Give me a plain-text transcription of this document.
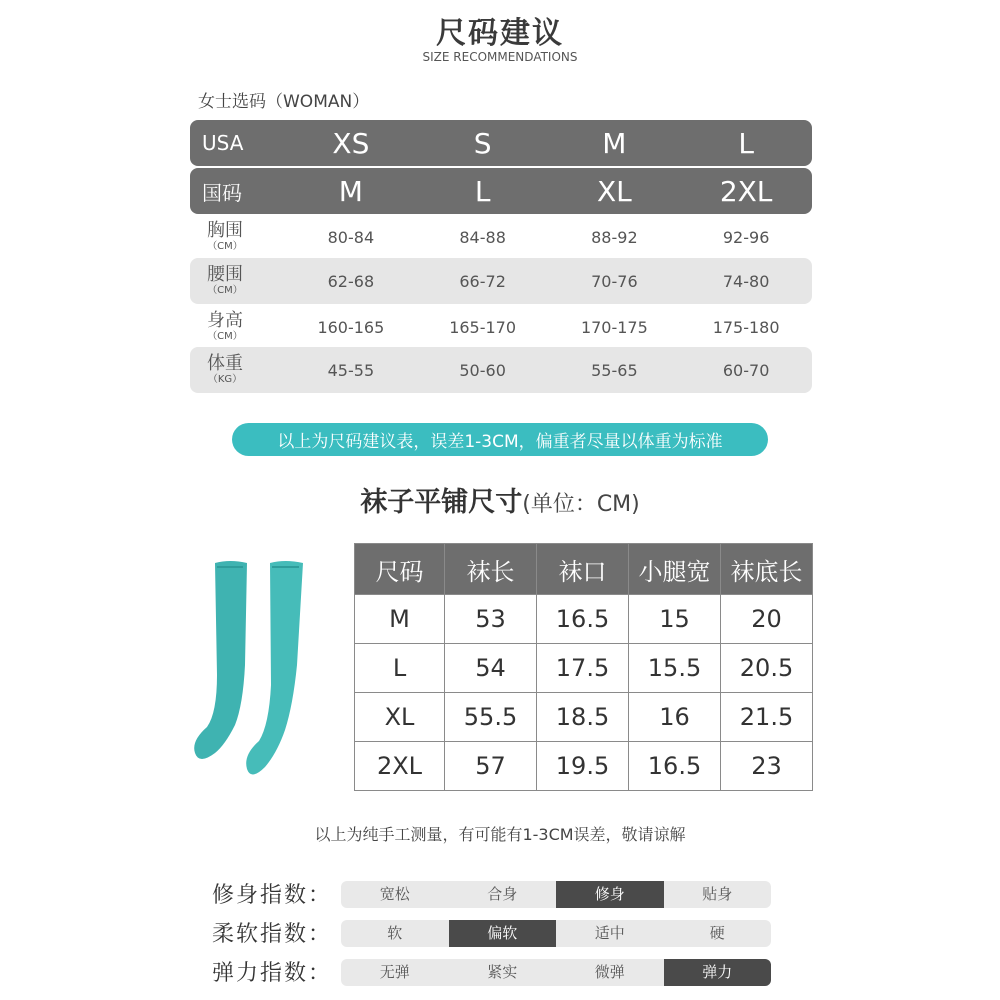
尺码建议
SIZE RECOMMENDATIONS
女士选码（WOMAN）
USA	XS	S	M	L
国码	M	L	XL	2XL
胸围
（CM）	80-84	84-88	88-92	92-96
腰围
（CM）	62-68	66-72	70-76	74-80
身高
（CM）	160-165	165-170	170-175	175-180
体重
（KG）	45-55	50-60	55-65	60-70
以上为尺码建议表，误差1-3CM，偏重者尽量以体重为标准
袜子平铺尺寸(单位：CM)
尺码	袜长	袜口	小腿宽	袜底长
M	53	16.5	15	20
L	54	17.5	15.5	20.5
XL	55.5	18.5	16	21.5
2XL	57	19.5	16.5	23
以上为纯手工测量，有可能有1-3CM误差，敬请谅解
修身指数：	宽松	合身	修身	贴身
柔软指数：	软	偏软	适中	硬
弹力指数：	无弹	紧实	微弹	弹力
